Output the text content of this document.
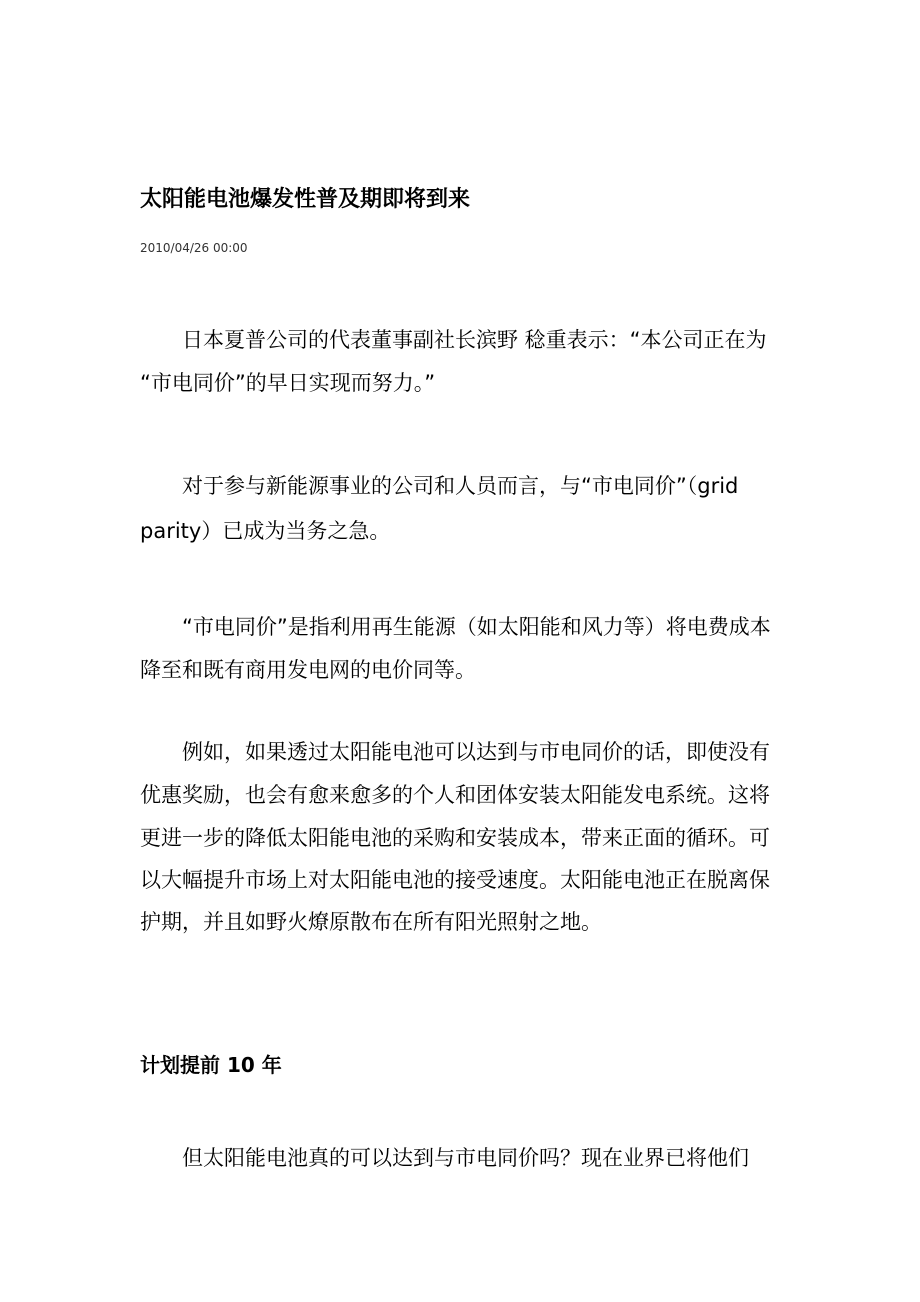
太阳能电池爆发性普及期即将到来
2010/04/26 00:00
日本夏普公司的代表董事副社长滨野 稔重表示：“本公司正在为
“市电同价”的早日实现而努力。”
对于参与新能源事业的公司和人员而言，与“市电同价”（grid
parity）已成为当务之急。
“市电同价”是指利用再生能源（如太阳能和风力等）将电费成本
降至和既有商用发电网的电价同等。
例如，如果透过太阳能电池可以达到与市电同价的话，即使没有
优惠奖励，也会有愈来愈多的个人和团体安装太阳能发电系统。这将
更进一步的降低太阳能电池的采购和安装成本，带来正面的循环。可
以大幅提升市场上对太阳能电池的接受速度。太阳能电池正在脱离保
护期，并且如野火燎原散布在所有阳光照射之地。
计划提前 10 年
但太阳能电池真的可以达到与市电同价吗？现在业界已将他们
